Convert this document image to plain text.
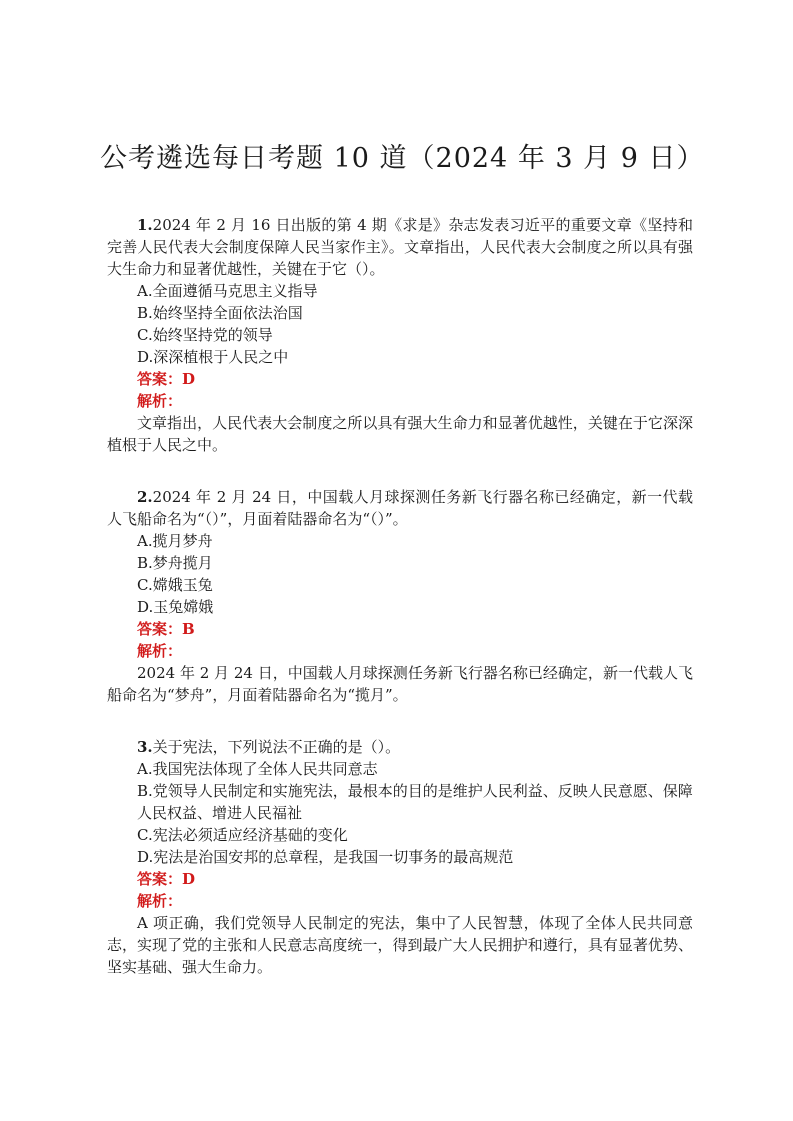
公考遴选每日考题 10 道（2024 年 3 月 9 日）

1.2024 年 2 月 16 日出版的第 4 期《求是》杂志发表习近平的重要文章《坚持和完善人民代表大会制度保障人民当家作主》。文章指出，人民代表大会制度之所以具有强大生命力和显著优越性，关键在于它（）。

A.全面遵循马克思主义指导

B.始终坚持全面依法治国

C.始终坚持党的领导

D.深深植根于人民之中

答案：D

解析：

文章指出，人民代表大会制度之所以具有强大生命力和显著优越性，关键在于它深深植根于人民之中。

2.2024 年 2 月 24 日，中国载人月球探测任务新飞行器名称已经确定，新一代载人飞船命名为“（）”，月面着陆器命名为“（）”。

A.揽月梦舟

B.梦舟揽月

C.嫦娥玉兔

D.玉兔嫦娥

答案：B

解析：

2024 年 2 月 24 日，中国载人月球探测任务新飞行器名称已经确定，新一代载人飞船命名为“梦舟”，月面着陆器命名为“揽月”。

3.关于宪法，下列说法不正确的是（）。

A.我国宪法体现了全体人民共同意志

B.党领导人民制定和实施宪法，最根本的目的是维护人民利益、反映人民意愿、保障人民权益、增进人民福祉

C.宪法必须适应经济基础的变化

D.宪法是治国安邦的总章程，是我国一切事务的最高规范

答案：D

解析：

A 项正确，我们党领导人民制定的宪法，集中了人民智慧，体现了全体人民共同意志，实现了党的主张和人民意志高度统一，得到最广大人民拥护和遵行，具有显著优势、坚实基础、强大生命力。
